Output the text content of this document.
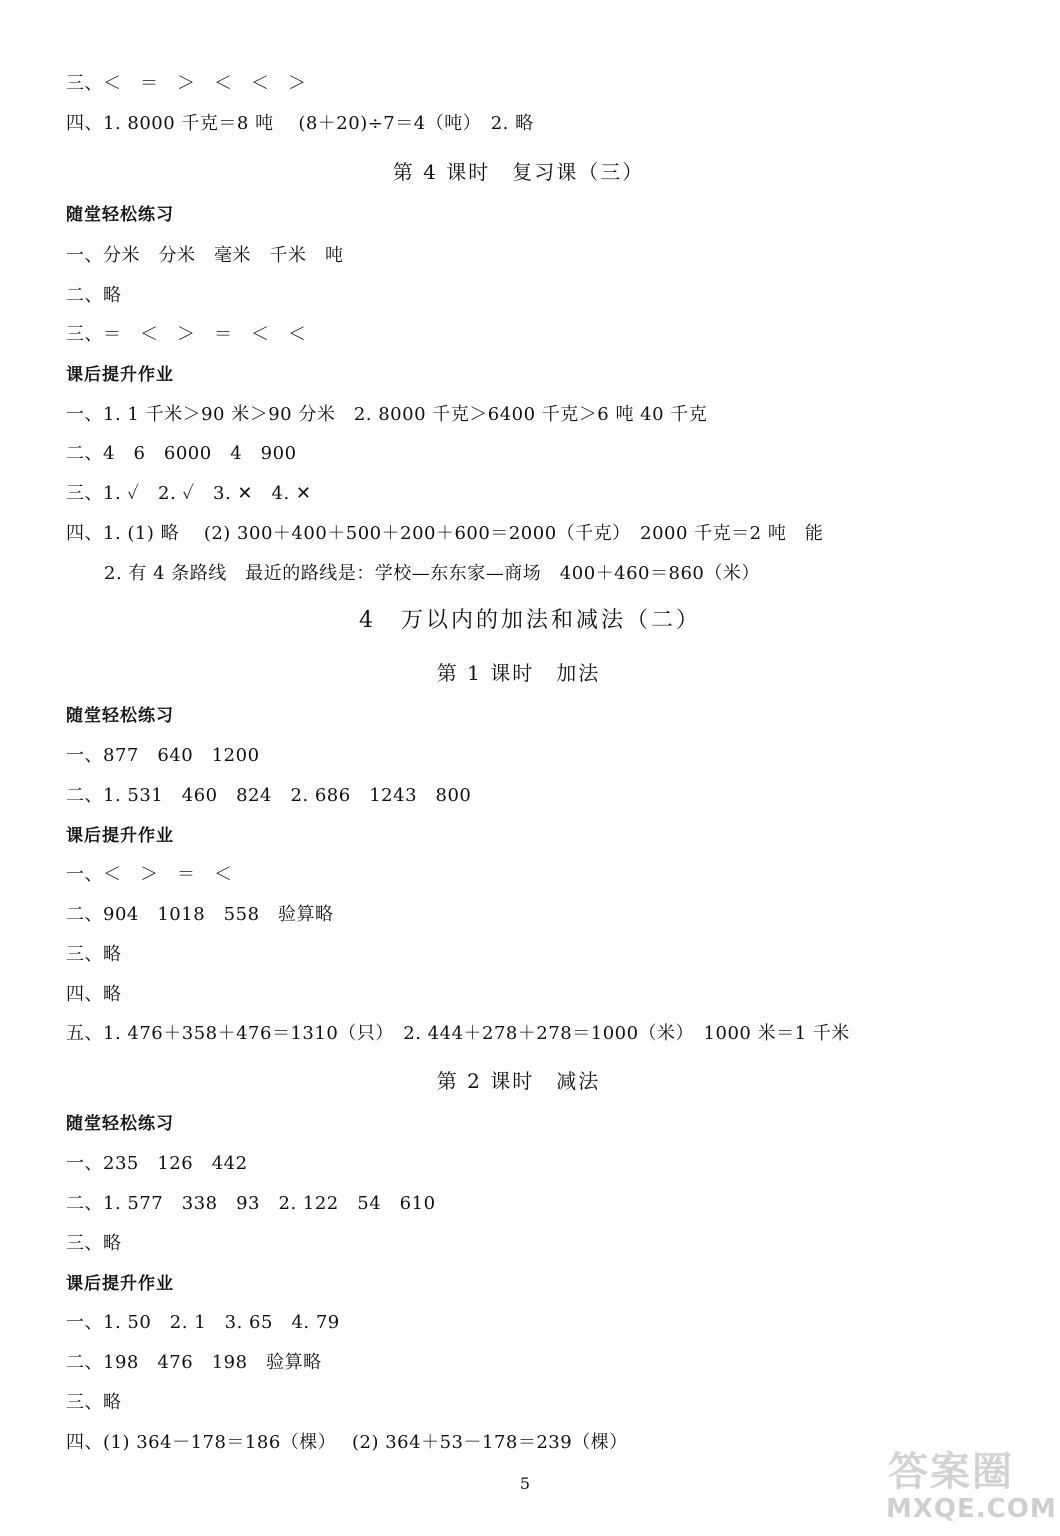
三、＜　＝　＞　＜　＜　＞
四、1. 8000 千克＝8 吨　 (8＋20)÷7＝4（吨）　2. 略
第 4 课时　复习课（三）
随堂轻松练习
一、分米　分米　毫米　千米　吨
二、略
三、＝　＜　＞　＝　＜　＜
课后提升作业
一、1. 1 千米＞90 米＞90 分米　2. 8000 千克＞6400 千克＞6 吨 40 千克
二、4　6　6000　4　900
三、1. ✓　2. ✓　3. ✕　4. ✕
四、1. (1) 略　 (2) 300＋400＋500＋200＋600＝2000（千克）　2000 千克＝2 吨　能
2. 有 4 条路线　最近的路线是：学校—东东家—商场　400＋460＝860（米）
4　万以内的加法和减法（二）
第 1 课时　加法
随堂轻松练习
一、877　640　1200
二、1. 531　460　824　2. 686　1243　800
课后提升作业
一、＜　＞　＝　＜
二、904　1018　558　验算略
三、略
四、略
五、1. 476＋358＋476＝1310（只）　2. 444＋278＋278＝1000（米）　1000 米＝1 千米
第 2 课时　减法
随堂轻松练习
一、235　126　442
二、1. 577　338　93　2. 122　54　610
三、略
课后提升作业
一、1. 50　2. 1　3. 65　4. 79
二、198　476　198　验算略
三、略
四、(1) 364－178＝186（棵）　 (2) 364＋53－178＝239（棵）
5	答案圈
MXQE.COM
